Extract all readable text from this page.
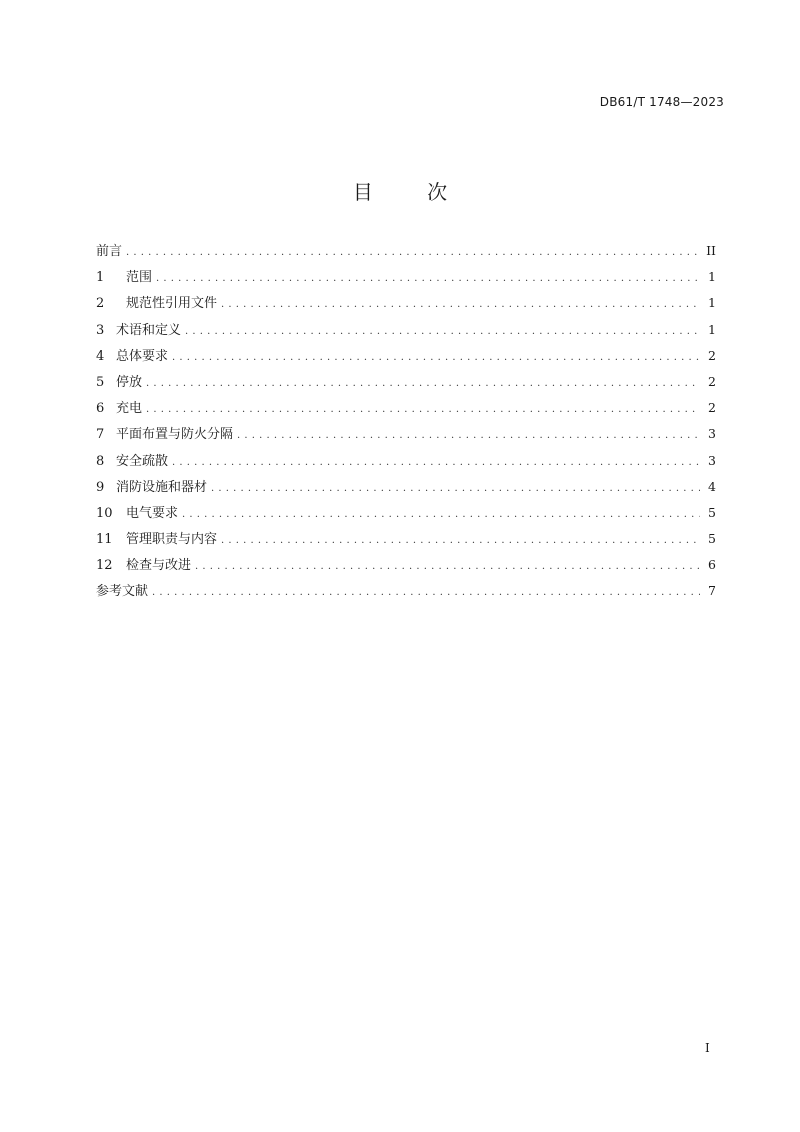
DB61/T 1748—2023
目 次
前言 .....	II
1	范围 .....	1
2	规范性引用文件 .....	1
3 术语和定义 .....	1
4 总体要求 .....	2
5 停放 .....	2
6 充电 .....	2
7 平面布置与防火分隔 .....	3
8 安全疏散 .....	3
9 消防设施和器材 .....	4
10	电气要求 .....	5
11	管理职责与内容 .....	5
12	检查与改进 .....	6
参考文献 .....	7
I
